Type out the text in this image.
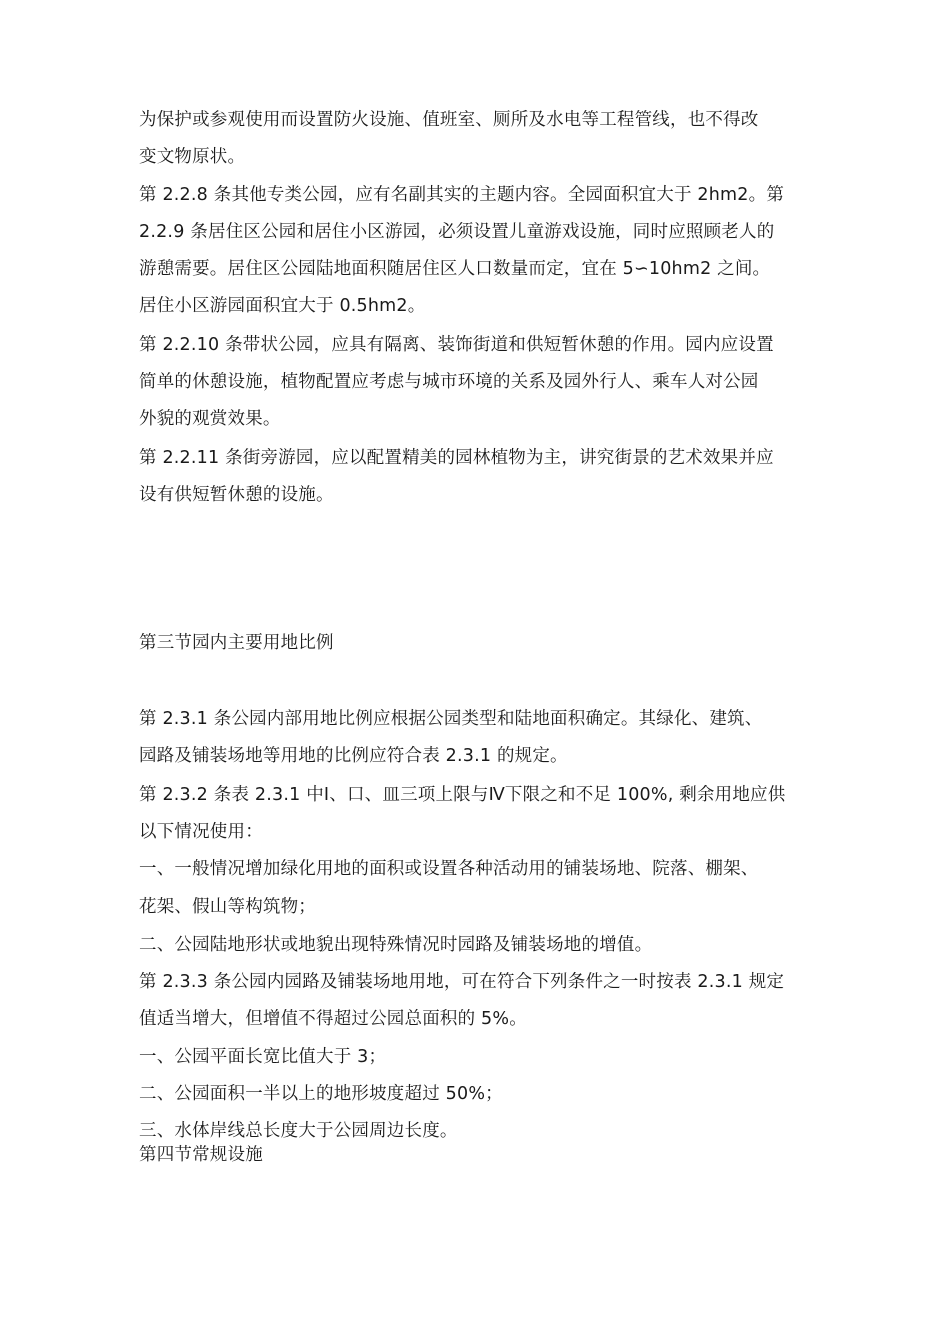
为保护或参观使用而设置防火设施、值班室、厕所及水电等工程管线，也不得改
变文物原状。
第 2.2.8 条其他专类公园，应有名副其实的主题内容。全园面积宜大于 2hm2。第
2.2.9 条居住区公园和居住小区游园，必须设置儿童游戏设施，同时应照顾老人的
游憩需要。居住区公园陆地面积随居住区人口数量而定，宜在 5∽10hm2 之间。
居住小区游园面积宜大于 0.5hm2。
第 2.2.10 条带状公园，应具有隔离、装饰街道和供短暂休憩的作用。园内应设置
简单的休憩设施，植物配置应考虑与城市环境的关系及园外行人、乘车人对公园
外貌的观赏效果。
第 2.2.11 条街旁游园，应以配置精美的园林植物为主，讲究街景的艺术效果并应
设有供短暂休憩的设施。
第三节园内主要用地比例
第 2.3.1 条公园内部用地比例应根据公园类型和陆地面积确定。其绿化、建筑、
园路及铺装场地等用地的比例应符合表 2.3.1 的规定。
第 2.3.2 条表 2.3.1 中Ⅰ、口、皿三项上限与Ⅳ下限之和不足 100%, 剩余用地应供
以下情况使用：
一、一般情况增加绿化用地的面积或设置各种活动用的铺装场地、院落、棚架、
花架、假山等构筑物；
二、公园陆地形状或地貌出现特殊情况时园路及铺装场地的增值。
第 2.3.3 条公园内园路及铺装场地用地，可在符合下列条件之一时按表 2.3.1 规定
值适当增大，但增值不得超过公园总面积的 5%。
一、公园平面长宽比值大于 3；
二、公园面积一半以上的地形坡度超过 50%；
三、水体岸线总长度大于公园周边长度。
第四节常规设施
